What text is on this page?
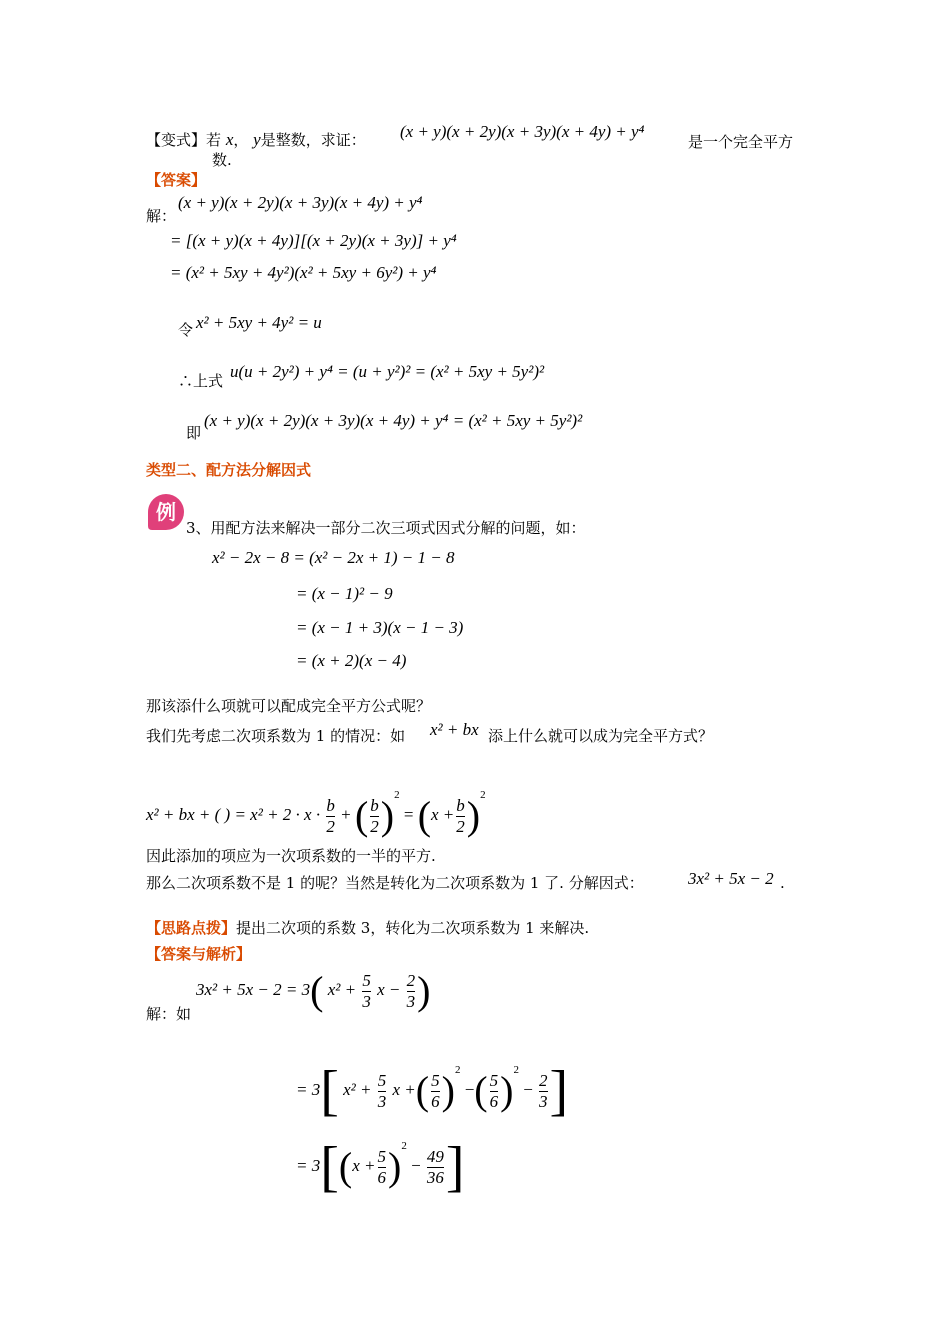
【变式】若 x， y是整数，求证： (x + y)(x + 2y)(x + 3y)(x + 4y) + y⁴
是一个完全平方
数.
【答案】
解：
(x + y)(x + 2y)(x + 3y)(x + 4y) + y⁴
= [(x + y)(x + 4y)][(x + 2y)(x + 3y)] + y⁴
= (x² + 5xy + 4y²)(x² + 5xy + 6y²) + y⁴
令 x² + 5xy + 4y² = u
∴上式 u(u + 2y²) + y⁴ = (u + y²)² = (x² + 5xy + 5y²)²
即
(x + y)(x + 2y)(x + 3y)(x + 4y) + y⁴ = (x² + 5xy + 5y²)²
类型二、配方法分解因式
例
3、用配方法来解决一部分二次三项式因式分解的问题，如：
x² − 2x − 8 = (x² − 2x + 1) − 1 − 8
= (x − 1)² − 9
= (x − 1 + 3)(x − 1 − 3)
= (x + 2)(x − 4)
那该添什么项就可以配成完全平方公式呢？
我们先考虑二次项系数为 1 的情况：如 x² + bx 添上什么就可以成为完全平方式？
x² + bx + ( ) = $x^2 + 2 \cdot x \cdot \frac{b}{2}$ + ( $\frac{b}{2} )^2 = (x + \frac{b}{2} )^2$
因此添加的项应为一次项系数的一半的平方.
那么二次项系数不是 1 的呢？当然是转化为二次项系数为 1 了. 分解因式：	3x² + 5x − 2 .
【思路点拨】提出二次项的系数 3，转化为二次项系数为 1 来解决.
【答案与解析】
解：如
3x² + 5x − 2 = 3( $x^2 + \frac{5}{3}$ $x - \frac{2}{3}$ )
= 3[ $x^2 + \frac{5}{3}$ x +( $\frac{5}{6} )^2$ −( $\frac{5}{6} )^2 - \frac{2}{3}$ ]
= $3[(x + \frac{5}{6} )^2 - \frac{49}{36}$ ]
